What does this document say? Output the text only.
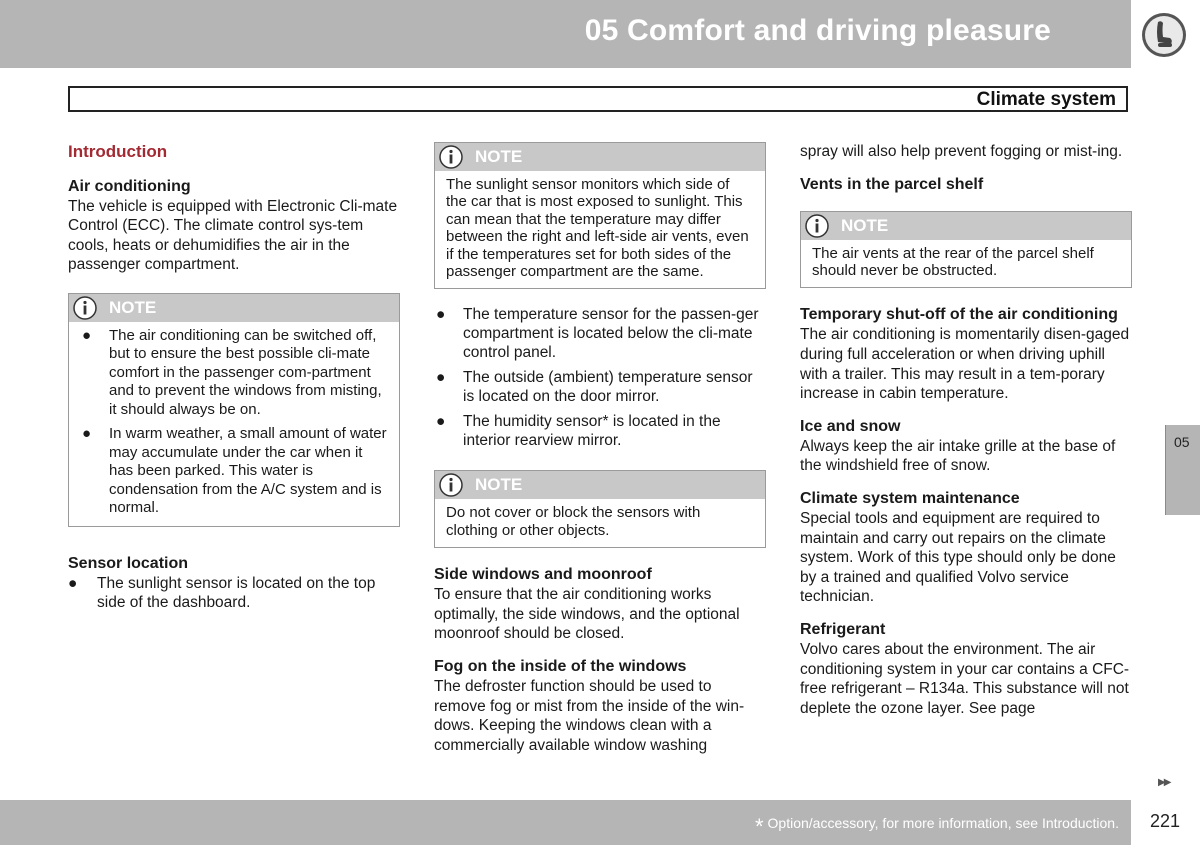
05 Comfort and driving pleasure
Climate system
Introduction
Air conditioning

The vehicle is equipped with Electronic Cli-mate Control (ECC). The climate control sys-tem cools, heats or dehumidifies the air in the passenger compartment.

NOTE
● The air conditioning can be switched off, but to ensure the best possible cli-mate comfort in the passenger com-partment and to prevent the windows from misting, it should always be on.
● In warm weather, a small amount of water may accumulate under the car when it has been parked. This water is condensation from the A/C system and is normal.
Sensor location
● The sunlight sensor is located on the top side of the dashboard.
NOTE
The sunlight sensor monitors which side of the car that is most exposed to sunlight. This can mean that the temperature may differ between the right and left-side air vents, even if the temperatures set for both sides of the passenger compartment are the same.
● The temperature sensor for the passen-ger compartment is located below the cli-mate control panel.
● The outside (ambient) temperature sensor is located on the door mirror.
● The humidity sensor* is located in the interior rearview mirror.
NOTE
Do not cover or block the sensors with clothing or other objects.
Side windows and moonroof

To ensure that the air conditioning works optimally, the side windows, and the optional moonroof should be closed.

Fog on the inside of the windows

The defroster function should be used to remove fog or mist from the inside of the win-dows. Keeping the windows clean with a commercially available window washing

spray will also help prevent fogging or mist-ing.

Vents in the parcel shelf
NOTE
The air vents at the rear of the parcel shelf should never be obstructed.
Temporary shut-off of the air conditioning

The air conditioning is momentarily disen-gaged during full acceleration or when driving uphill with a trailer. This may result in a tem-porary increase in cabin temperature.

Ice and snow

Always keep the air intake grille at the base of the windshield free of snow.

Climate system maintenance

Special tools and equipment are required to maintain and carry out repairs on the climate system. Work of this type should only be done by a trained and qualified Volvo service technician.

Refrigerant

Volvo cares about the environment. The air conditioning system in your car contains a CFC-free refrigerant – R134a. This substance will not deplete the ozone layer. See page

05
▶▶
* Option/accessory, for more information, see Introduction. 221
